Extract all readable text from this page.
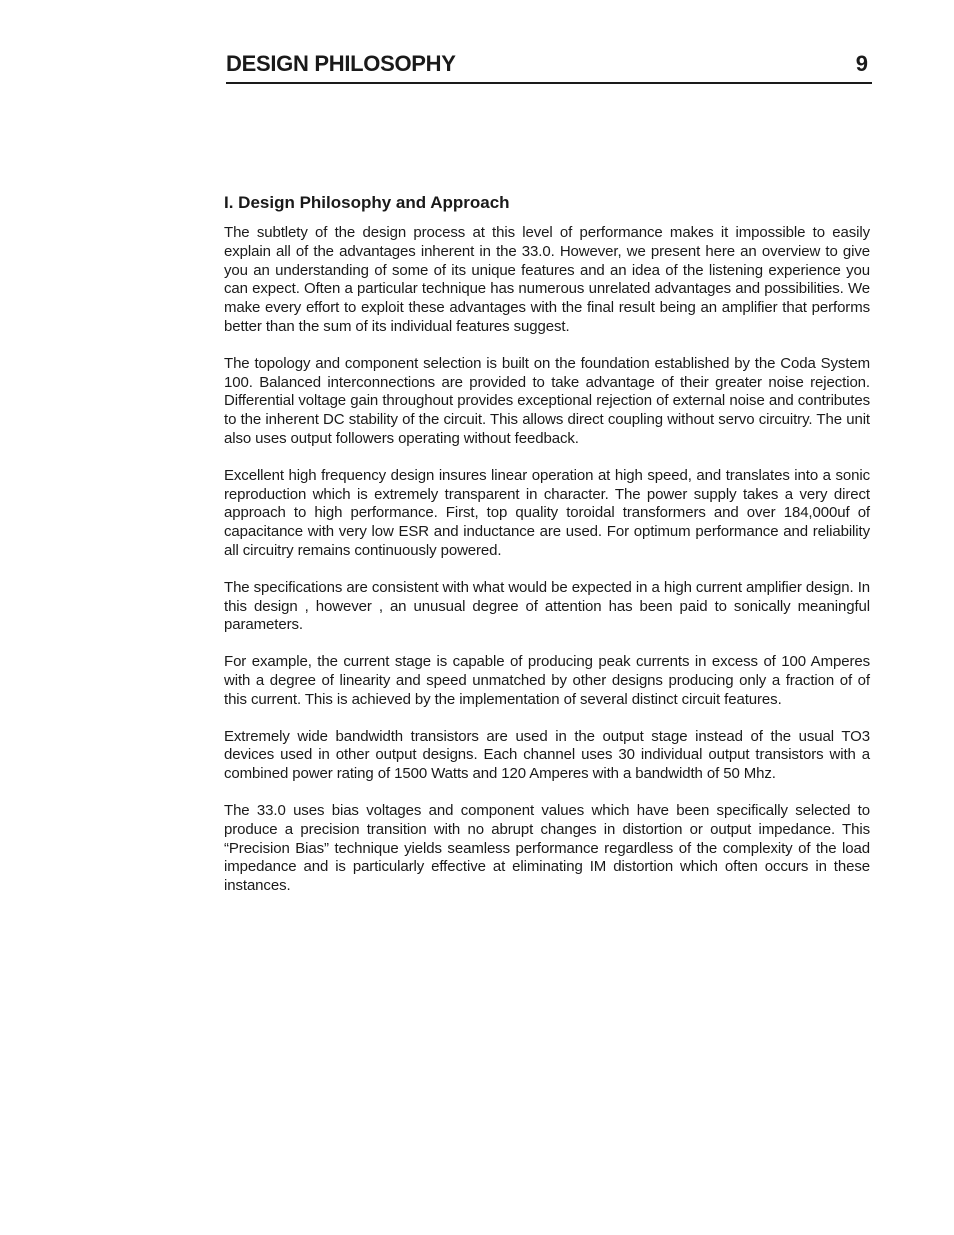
DESIGN PHILOSOPHY	9
I. Design Philosophy and Approach

The subtlety of the design process at this level of performance makes it impossible to easily explain all of the advantages inherent in the 33.0. However, we present here an overview to give you an understanding of some of its unique features and an idea of the listening experience you can expect. Often a particular technique has numerous unrelated advantages and possibilities. We make every effort to exploit these advantages with the final result being an amplifier that performs better than the sum of its individual features suggest.

The topology and component selection is built on the foundation established by the Coda System 100. Balanced interconnections are provided to take advantage of their greater noise rejection. Differential voltage gain throughout provides exceptional rejection of external noise and contributes to the inherent DC stability of the circuit. This allows direct coupling without servo circuitry. The unit also uses output followers operating without feedback.

Excellent high frequency design insures linear operation at high speed, and translates into a sonic reproduction which is extremely transparent in character. The power supply takes a very direct approach to high performance. First, top quality toroidal transformers and over 184,000uf of capacitance with very low ESR and inductance are used. For optimum performance and reliability all circuitry remains continuously powered.

The specifications are consistent with what would be expected in a high current amplifier design. In this design , however , an unusual degree of attention has been paid to sonically meaningful parameters.

For example, the current stage is capable of producing peak currents in excess of 100 Amperes with a degree of linearity and speed unmatched by other designs producing only a fraction of of this current. This is achieved by the implementation of several distinct circuit features.

Extremely wide bandwidth transistors are used in the output stage instead of the usual TO3 devices used in other output designs. Each channel uses 30 individual output transistors with a combined power rating of 1500 Watts and 120 Amperes with a bandwidth of 50 Mhz.

The 33.0 uses bias voltages and component values which have been specifically selected to produce a precision transition with no abrupt changes in distortion or output impedance. This “Precision Bias” technique yields seamless performance regardless of the complexity of the load impedance and is particularly effective at eliminating IM distortion which often occurs in these instances.
